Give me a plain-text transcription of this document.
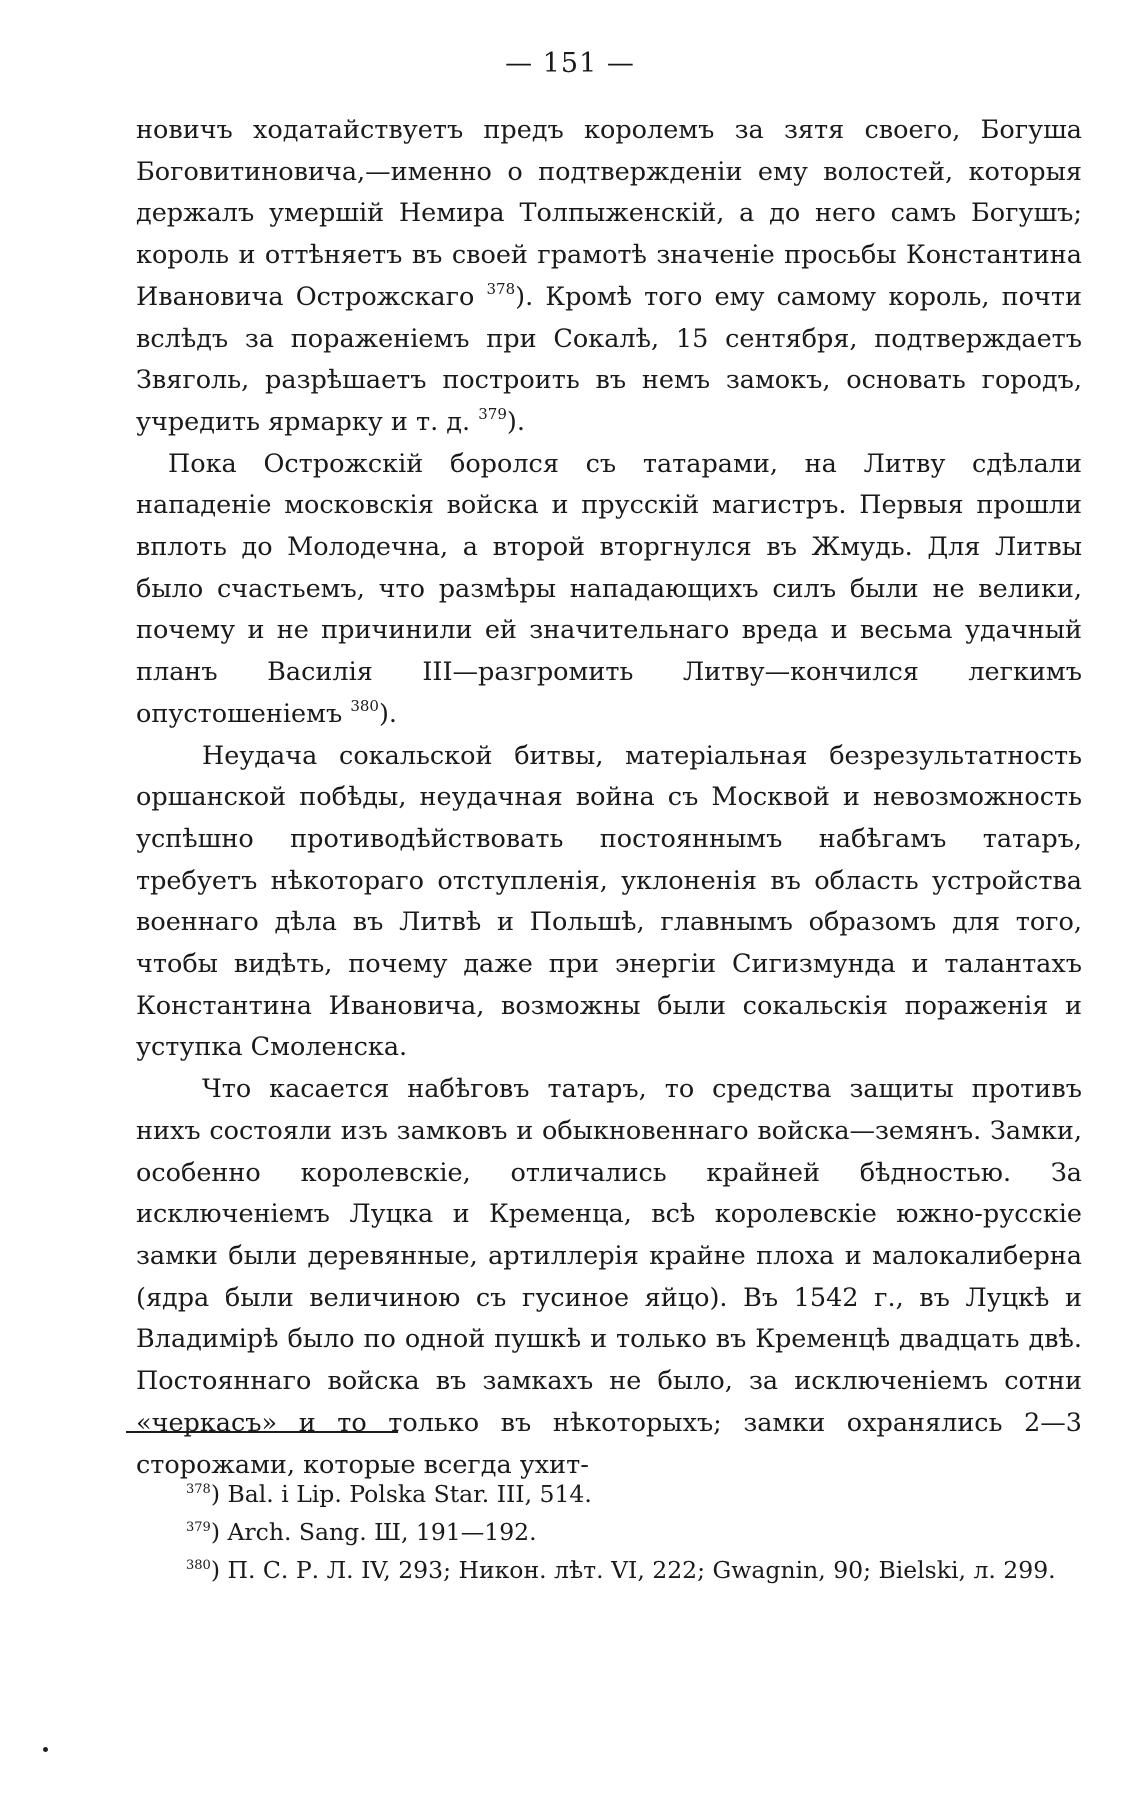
— 151 —

новичъ ходатайствуетъ предъ королемъ за зятя своего, Богуша Боговитиновича,—именно о подтвержденіи ему волостей, которыя держалъ умершій Немира Толпыженскій, а до него самъ Богушъ; король и оттѣняетъ въ своей грамотѣ значеніе просьбы Константина Ивановича Острожскаго $^{378}$). Кромѣ того ему самому король, почти вслѣдъ за пораженіемъ при Сокалѣ, 15 сентября, подтверждаетъ Звяголь, разрѣшаетъ построить въ немъ замокъ, основать городъ, учредить ярмарку и т. д. $^{379}$).

Пока Острожскій боролся съ татарами, на Литву сдѣлали нападеніе московскія войска и прусскій магистръ. Первыя прошли вплоть до Молодечна, а второй вторгнулся въ Жмудь. Для Литвы было счастьемъ, что размѣры нападающихъ силъ были не велики, почему и не причинили ей значительнаго вреда и весьма удачный планъ Василія III—разгромить Литву—кончился легкимъ опустошеніемъ $^{380}$).

Неудача сокальской битвы, матеріальная безрезультатность оршанской побѣды, неудачная война съ Москвой и невозможность успѣшно противодѣйствовать постояннымъ набѣгамъ татаръ, требуетъ нѣкотораго отступленія, уклоненія въ область устройства военнаго дѣла въ Литвѣ и Польшѣ, главнымъ образомъ для того, чтобы видѣть, почему даже при энергіи Сигизмунда и талантахъ Константина Ивановича, возможны были сокальскія пораженія и уступка Смоленска.

Что касается набѣговъ татаръ, то средства защиты противъ нихъ состояли изъ замковъ и обыкновеннаго войска—земянъ. Замки, особенно королевскіе, отличались крайней бѣдностью. За исключеніемъ Луцка и Кременца, всѣ королевскіе южно-русскіе замки были деревянные, артиллерія крайне плоха и малокалиберна (ядра были величиною съ гусиное яйцо). Въ 1542 г., въ Луцкѣ и Владимірѣ было по одной пушкѣ и только въ Кременцѣ двадцать двѣ. Постояннаго войска въ замкахъ не было, за исключеніемъ сотни «черкасъ» и то только въ нѣкоторыхъ; замки охранялись 2—3 сторожами, которые всегда ухит-

$^{378}$) Bal. i Lip. Polska Star. III, 514.

$^{379}$) Arch. Sang. Ш, 191—192.

$^{380}$) П. С. Р. Л. IV, 293; Никон. лѣт. VI, 222; Gwagnin, 90; Bielski, л. 299.
